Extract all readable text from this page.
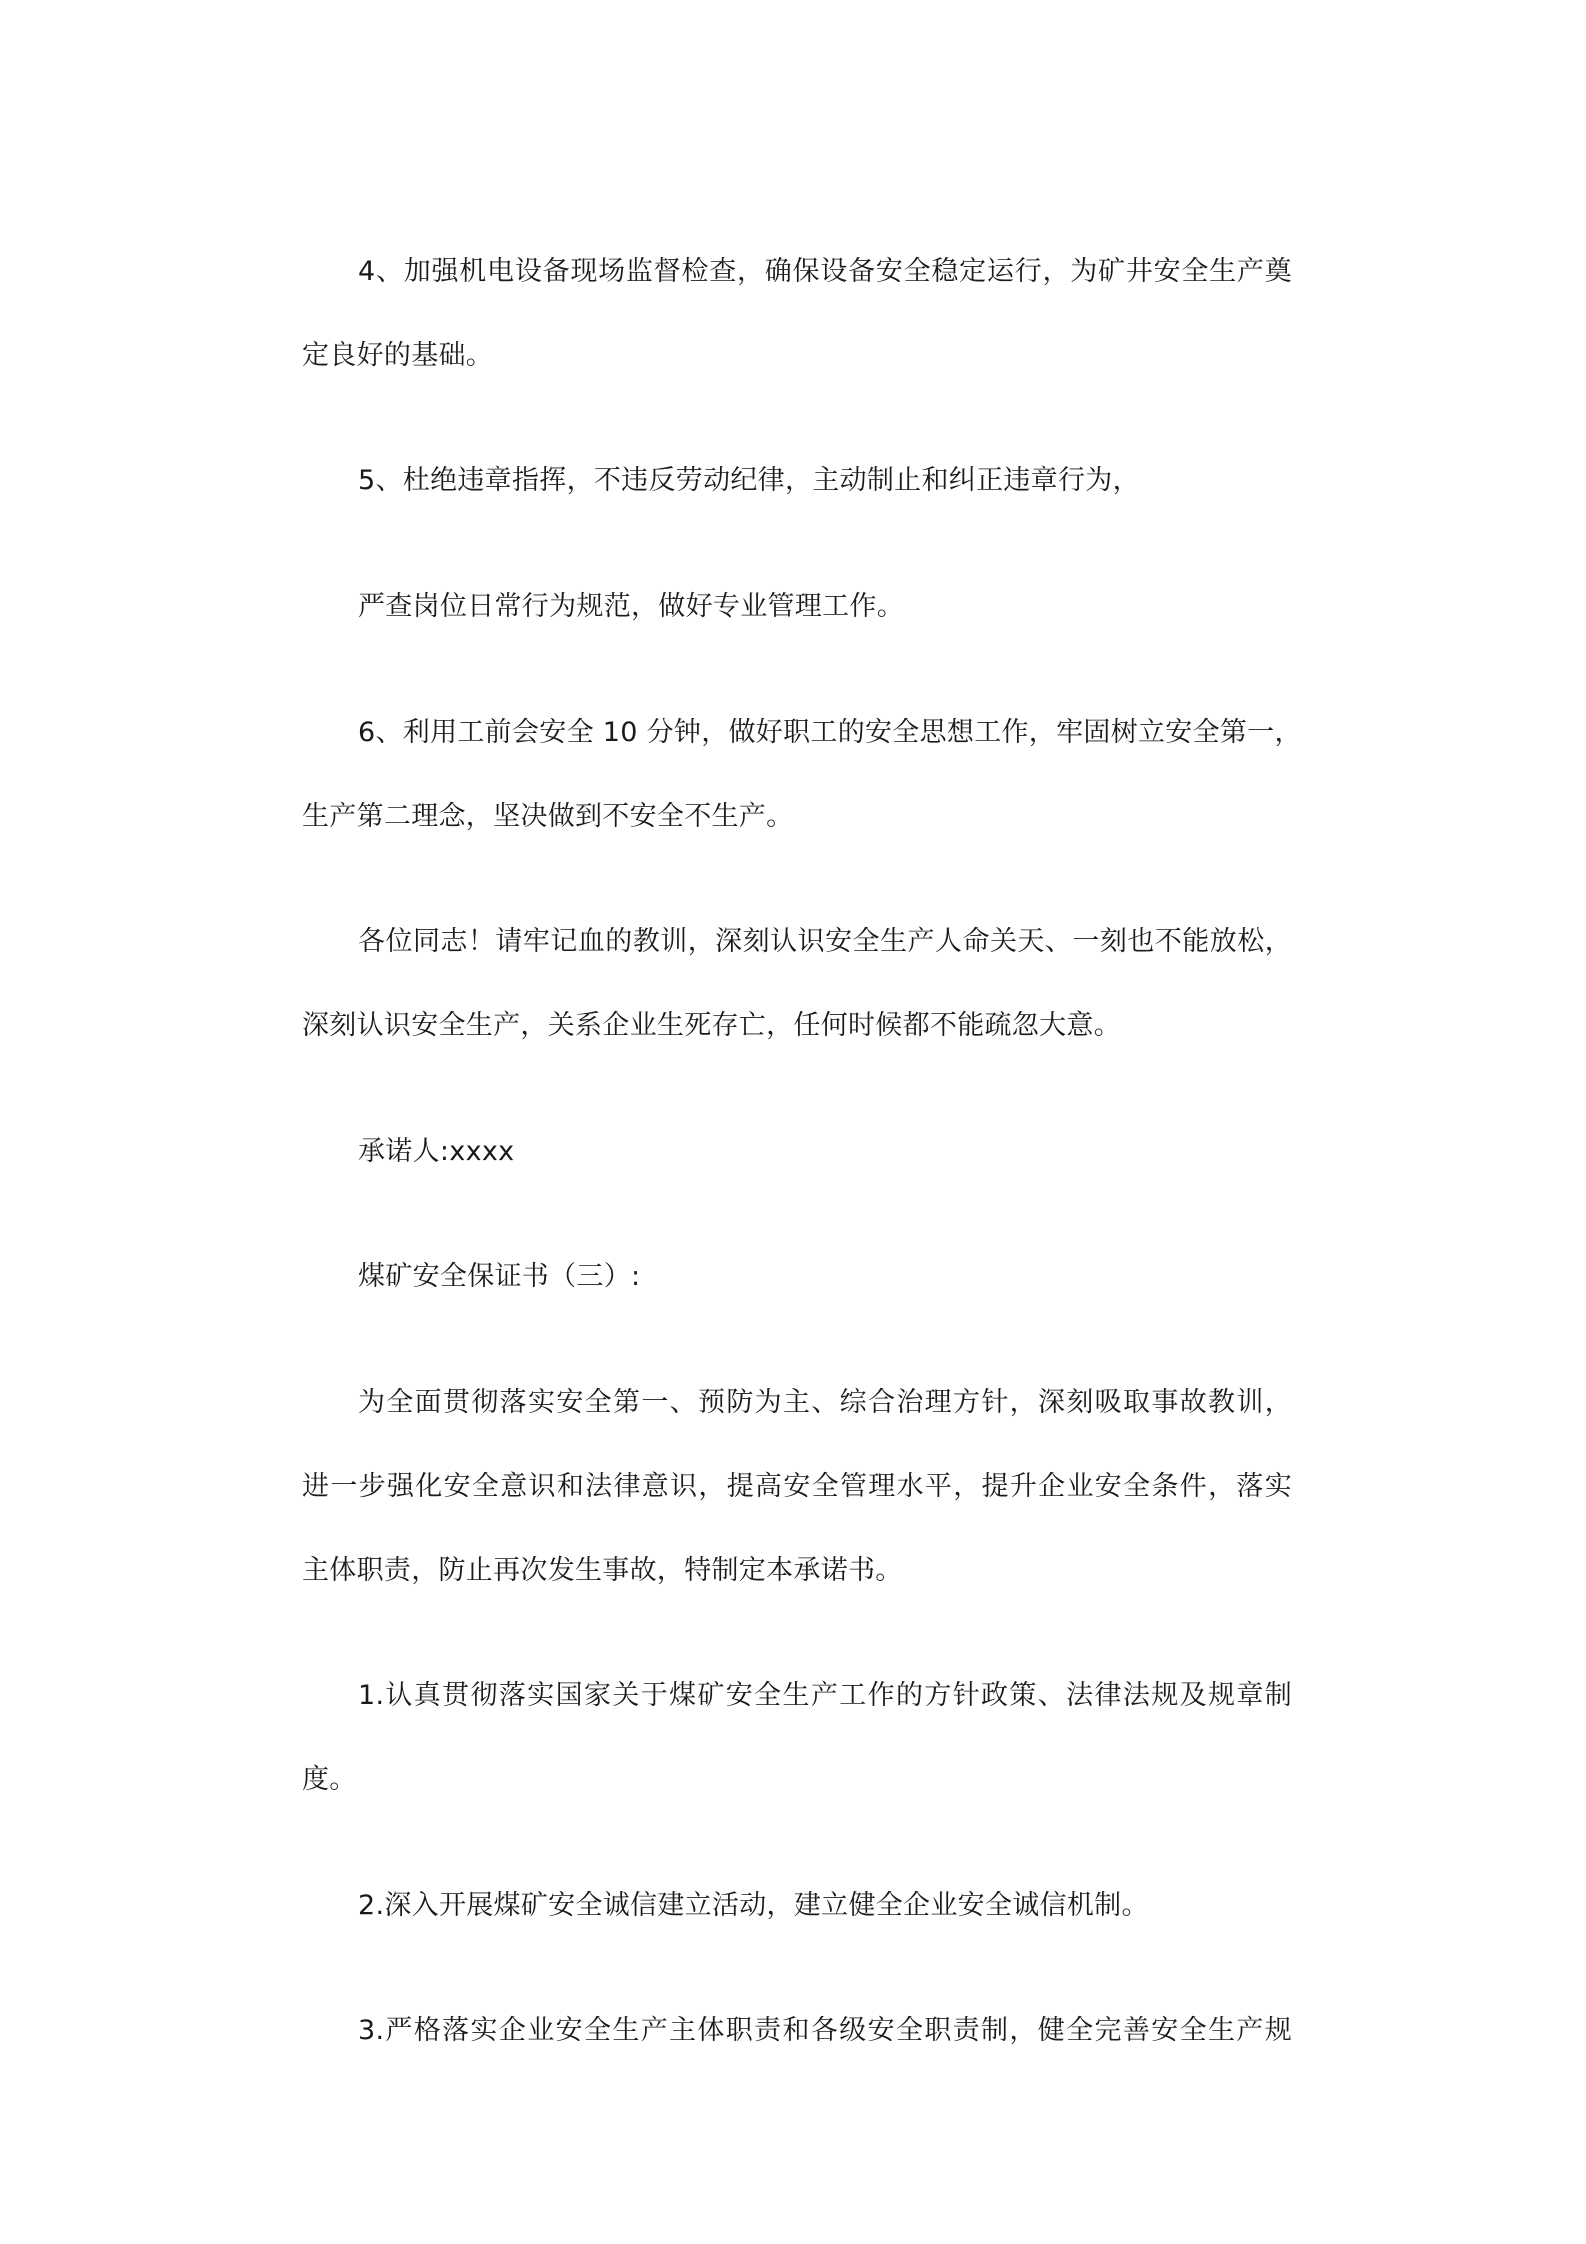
4、加强机电设备现场监督检查，确保设备安全稳定运行，为矿井安全生产奠
定良好的基础。
5、杜绝违章指挥，不违反劳动纪律，主动制止和纠正违章行为，
严查岗位日常行为规范，做好专业管理工作。
6、利用工前会安全 10 分钟，做好职工的安全思想工作，牢固树立安全第一，
生产第二理念，坚决做到不安全不生产。
各位同志！请牢记血的教训，深刻认识安全生产人命关天、一刻也不能放松，
深刻认识安全生产，关系企业生死存亡，任何时候都不能疏忽大意。
承诺人:xxxx
煤矿安全保证书（三）:
为全面贯彻落实安全第一、预防为主、综合治理方针，深刻吸取事故教训，
进一步强化安全意识和法律意识，提高安全管理水平，提升企业安全条件，落实
主体职责，防止再次发生事故，特制定本承诺书。
1.认真贯彻落实国家关于煤矿安全生产工作的方针政策、法律法规及规章制
度。
2.深入开展煤矿安全诚信建立活动，建立健全企业安全诚信机制。
3.严格落实企业安全生产主体职责和各级安全职责制，健全完善安全生产规
